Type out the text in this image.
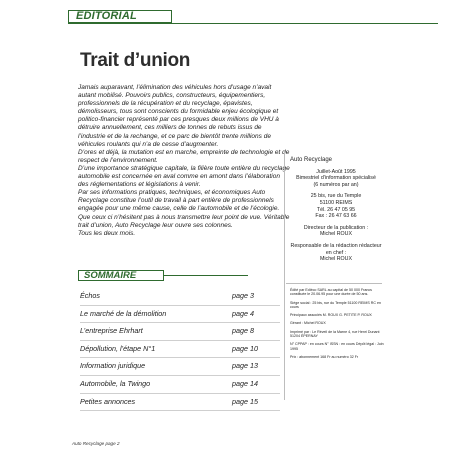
EDITORIAL
Trait d’union

Jamais auparavant, l’élimination des véhicules hors d’usage n’avait autant mobilisé. Pouvoirs publics, constructeurs, équipementiers, professionnels de la récupération et du recyclage, épavistes, démolisseurs, tous sont conscients du formidable enjeu écologique et politico-financier représenté par ces presques deux millions de VHU à détruire annuellement, ces milliers de tonnes de rebuts issus de l’industrie et de la rechange, et ce parc de bientôt trente millions de véhicules roulants qui n’a de cesse d’augmenter.

D’ores et déjà, la mutation est en marche, empreinte de technologie et de respect de l’environnement.

D’une importance stratégique capitale, la filière toute entière du recyclage automobile est concernée en aval comme en amont dans l’élaboration des réglementations et législations à venir.

Par ses informations pratiques, techniques, et économiques Auto Recyclage constitue l’outil de travail à part entière de professionnels engagée pour une même cause, celle de l’automobile et de l’écologie. Que ceux ci n’hésitent pas à nous transmettre leur point de vue. Véritable trait d’union, Auto Recyclage leur ouvre ses colonnes.

Tous les deux mois.

SOMMAIRE
Échos	page 3
Le marché de la démolition	page 4
L’entreprise Ehrhart	page 8
Dépollution, l’étape N°1	page 10
Information juridique	page 13
Automobile, la Twingo	page 14
Petites annonces	page 15
Auto Recyclage
Juillet-Août 1995
Bimestriel d’information spécialisé
(6 numéros par an)
25 bis, rue du Temple
51100 REIMS
Tél. 26 47 05 95
Fax : 26 47 63 66
Directeur de la publication :
Michel ROUX
Responsable de la rédaction rédacteur en chef :
Michel ROUX
Édité par Ediéco SARL au capital de 50 000 Francs constituée le 20.06.95 pour une durée de 50 ans.
Siège social : 25 bis, rue du Temple 51100 REIMS RC en cours
Principaux associés M. ROUX G. PETITE P. ROUX
Gérant : Michel ROUX
Imprimé par : Le Réveil de la Marne 4, rue Henri Dunant 51204 ÉPERNAY
N° CPPAP : en cours N° ISSN : en cours Dépôt légal : Juin 1995
Prix : abonnement 168 Fr au numéro 32 Fr
Auto Recyclage page 2
